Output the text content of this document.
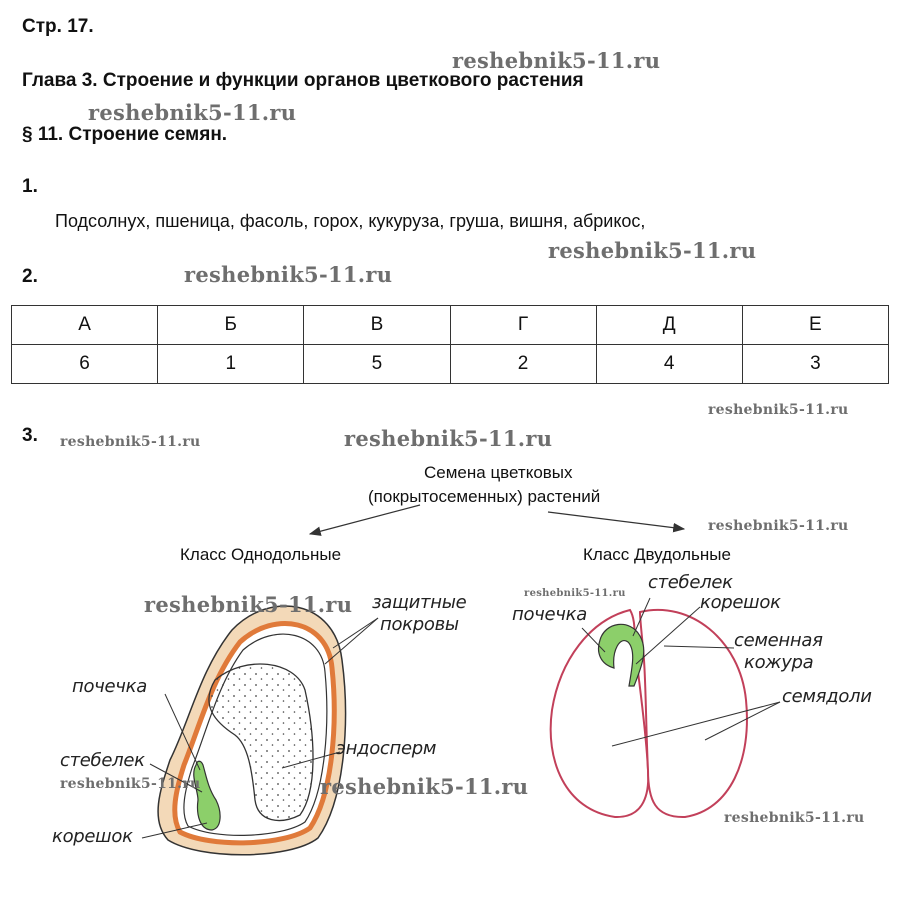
Стр. 17.
Глава 3. Строение и функции органов цветкового растения
§ 11. Строение семян.
1.
Подсолнух, пшеница, фасоль, горох, кукуруза, груша, вишня, абрикос,
2.
А	Б	В	Г	Д	Е
6	1	5	2	4	3
3.
Семена цветковых
(покрытосеменных) растений
Класс Однодольные	Класс Двудольные
защитные
покровы
почечка
эндосперм
стебелек
корешок
почечка
стебелек
корешок
семенная
кожура
семядоли
reshebnik5-11.ru
reshebnik5-11.ru
reshebnik5-11.ru
reshebnik5-11.ru
reshebnik5-11.ru
reshebnik5-11.ru	reshebnik5-11.ru
reshebnik5-11.ru
reshebnik5-11.ru
reshebnik5-11.ru
reshebnik5-11.ru	reshebnik5-11.ru
reshebnik5-11.ru
